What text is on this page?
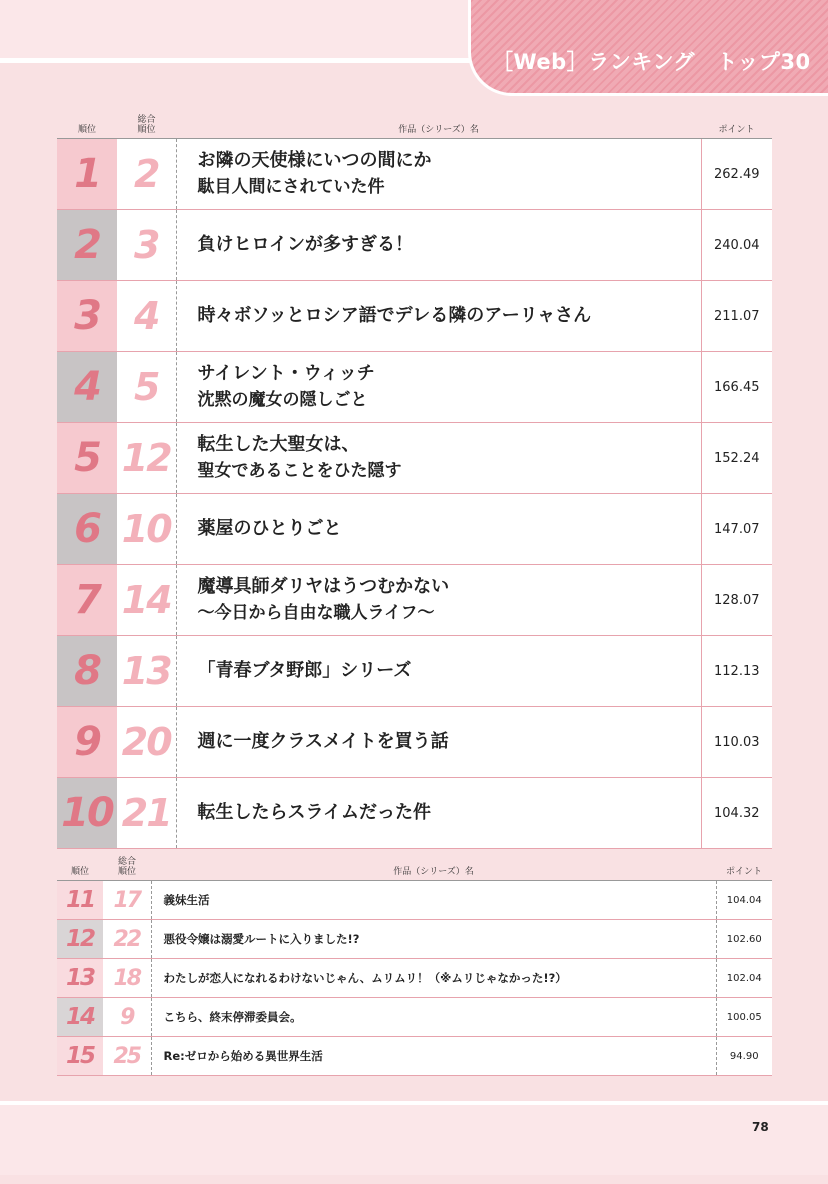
［Web］ランキング　トップ30
順位	総合順位	作品（シリーズ）名	ポイント
1	2	お隣の天使様にいつの間にか
駄目人間にされていた件	262.49
2	3	負けヒロインが多すぎる！	240.04
3	4	時々ボソッとロシア語でデレる隣のアーリャさん	211.07
4	5	サイレント・ウィッチ
沈黙の魔女の隠しごと	166.45
5	12	転生した大聖女は、
聖女であることをひた隠す	152.24
6	10	薬屋のひとりごと	147.07
7	14	魔導具師ダリヤはうつむかない
～今日から自由な職人ライフ～	128.07
8	13	「青春ブタ野郎」シリーズ	112.13
9	20	週に一度クラスメイトを買う話	110.03
10	21	転生したらスライムだった件	104.32
順位	総合順位	作品（シリーズ）名	ポイント
11	17	義妹生活	104.04
12	22	悪役令嬢は溺愛ルートに入りました!?	102.60
13	18	わたしが恋人になれるわけないじゃん、ムリムリ！（※ムリじゃなかった!?）	102.04
14	9	こちら、終末停滞委員会。	100.05
15	25	Re:ゼロから始める異世界生活	94.90
78
